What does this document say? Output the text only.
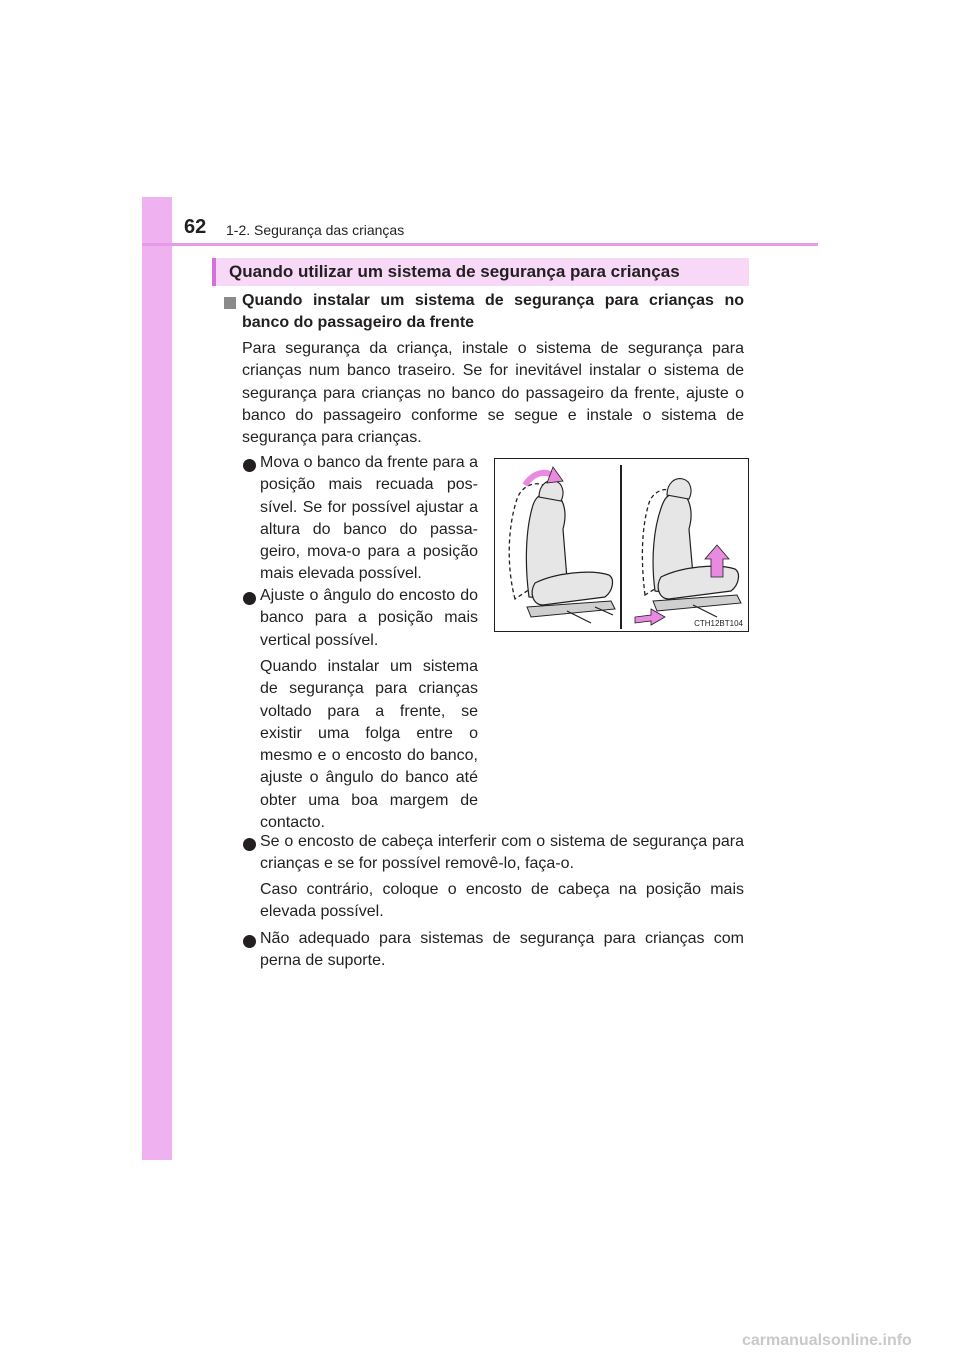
62 1-2. Segurança das crianças
Quando utilizar um sistema de segurança para crianças

Quando instalar um sistema de segurança para crianças no banco do passageiro da frente

Para segurança da criança, instale o sistema de segurança para crianças num banco traseiro. Se for inevitável instalar o sistema de segurança para crianças no banco do passageiro da frente, ajuste o banco do passageiro conforme se segue e instale o sistema de segurança para crianças.

Mova o banco da frente para a posição mais recuada pos-sível. Se for possível ajustar a altura do banco do passa-geiro, mova-o para a posição mais elevada possível.

Ajuste o ângulo do encosto do banco para a posição mais vertical possível.

Quando instalar um sistema de segurança para crianças voltado para a frente, se existir uma folga entre o mesmo e o encosto do banco, ajuste o ângulo do banco até obter uma boa margem de contacto.

Se o encosto de cabeça interferir com o sistema de segurança para crianças e se for possível removê-lo, faça-o.

Caso contrário, coloque o encosto de cabeça na posição mais elevada possível.

Não adequado para sistemas de segurança para crianças com perna de suporte.

CTH12BT104
carmanualsonline.info
